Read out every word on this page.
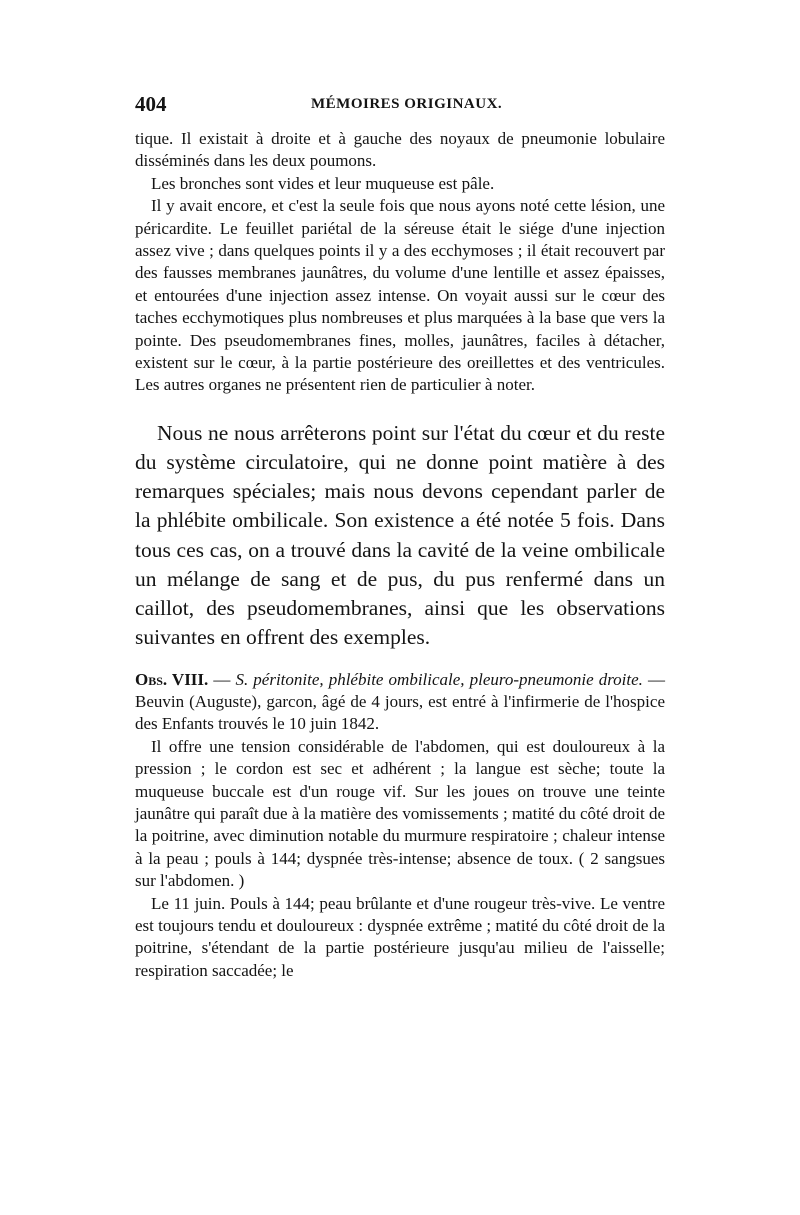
404	MÉMOIRES ORIGINAUX.

tique. Il existait à droite et à gauche des noyaux de pneumonie lobulaire disséminés dans les deux poumons.

Les bronches sont vides et leur muqueuse est pâle.

Il y avait encore, et c'est la seule fois que nous ayons noté cette lésion, une péricardite. Le feuillet pariétal de la séreuse était le siége d'une injection assez vive ; dans quelques points il y a des ecchymoses ; il était recouvert par des fausses membranes jaunâtres, du volume d'une lentille et assez épaisses, et entourées d'une injection assez intense. On voyait aussi sur le cœur des taches ecchymotiques plus nombreuses et plus marquées à la base que vers la pointe. Des pseudomembranes fines, molles, jaunâtres, faciles à détacher, existent sur le cœur, à la partie postérieure des oreillettes et des ventricules. Les autres organes ne présentent rien de particulier à noter.

Nous ne nous arrêterons point sur l'état du cœur et du reste du système circulatoire, qui ne donne point matière à des remarques spéciales; mais nous devons cependant parler de la phlébite ombilicale. Son existence a été notée 5 fois. Dans tous ces cas, on a trouvé dans la cavité de la veine ombilicale un mélange de sang et de pus, du pus renfermé dans un caillot, des pseudomembranes, ainsi que les observations suivantes en offrent des exemples.

Obs. VIII. — S. péritonite, phlébite ombilicale, pleuro-pneumonie droite. — Beuvin (Auguste), garcon, âgé de 4 jours, est entré à l'infirmerie de l'hospice des Enfants trouvés le 10 juin 1842.

Il offre une tension considérable de l'abdomen, qui est douloureux à la pression ; le cordon est sec et adhérent ; la langue est sèche; toute la muqueuse buccale est d'un rouge vif. Sur les joues on trouve une teinte jaunâtre qui paraît due à la matière des vomissements ; matité du côté droit de la poitrine, avec diminution notable du murmure respiratoire ; chaleur intense à la peau ; pouls à 144; dyspnée très-intense; absence de toux. ( 2 sangsues sur l'abdomen. )

Le 11 juin. Pouls à 144; peau brûlante et d'une rougeur très-vive. Le ventre est toujours tendu et douloureux : dyspnée extrême ; matité du côté droit de la poitrine, s'étendant de la partie postérieure jusqu'au milieu de l'aisselle; respiration saccadée; le
